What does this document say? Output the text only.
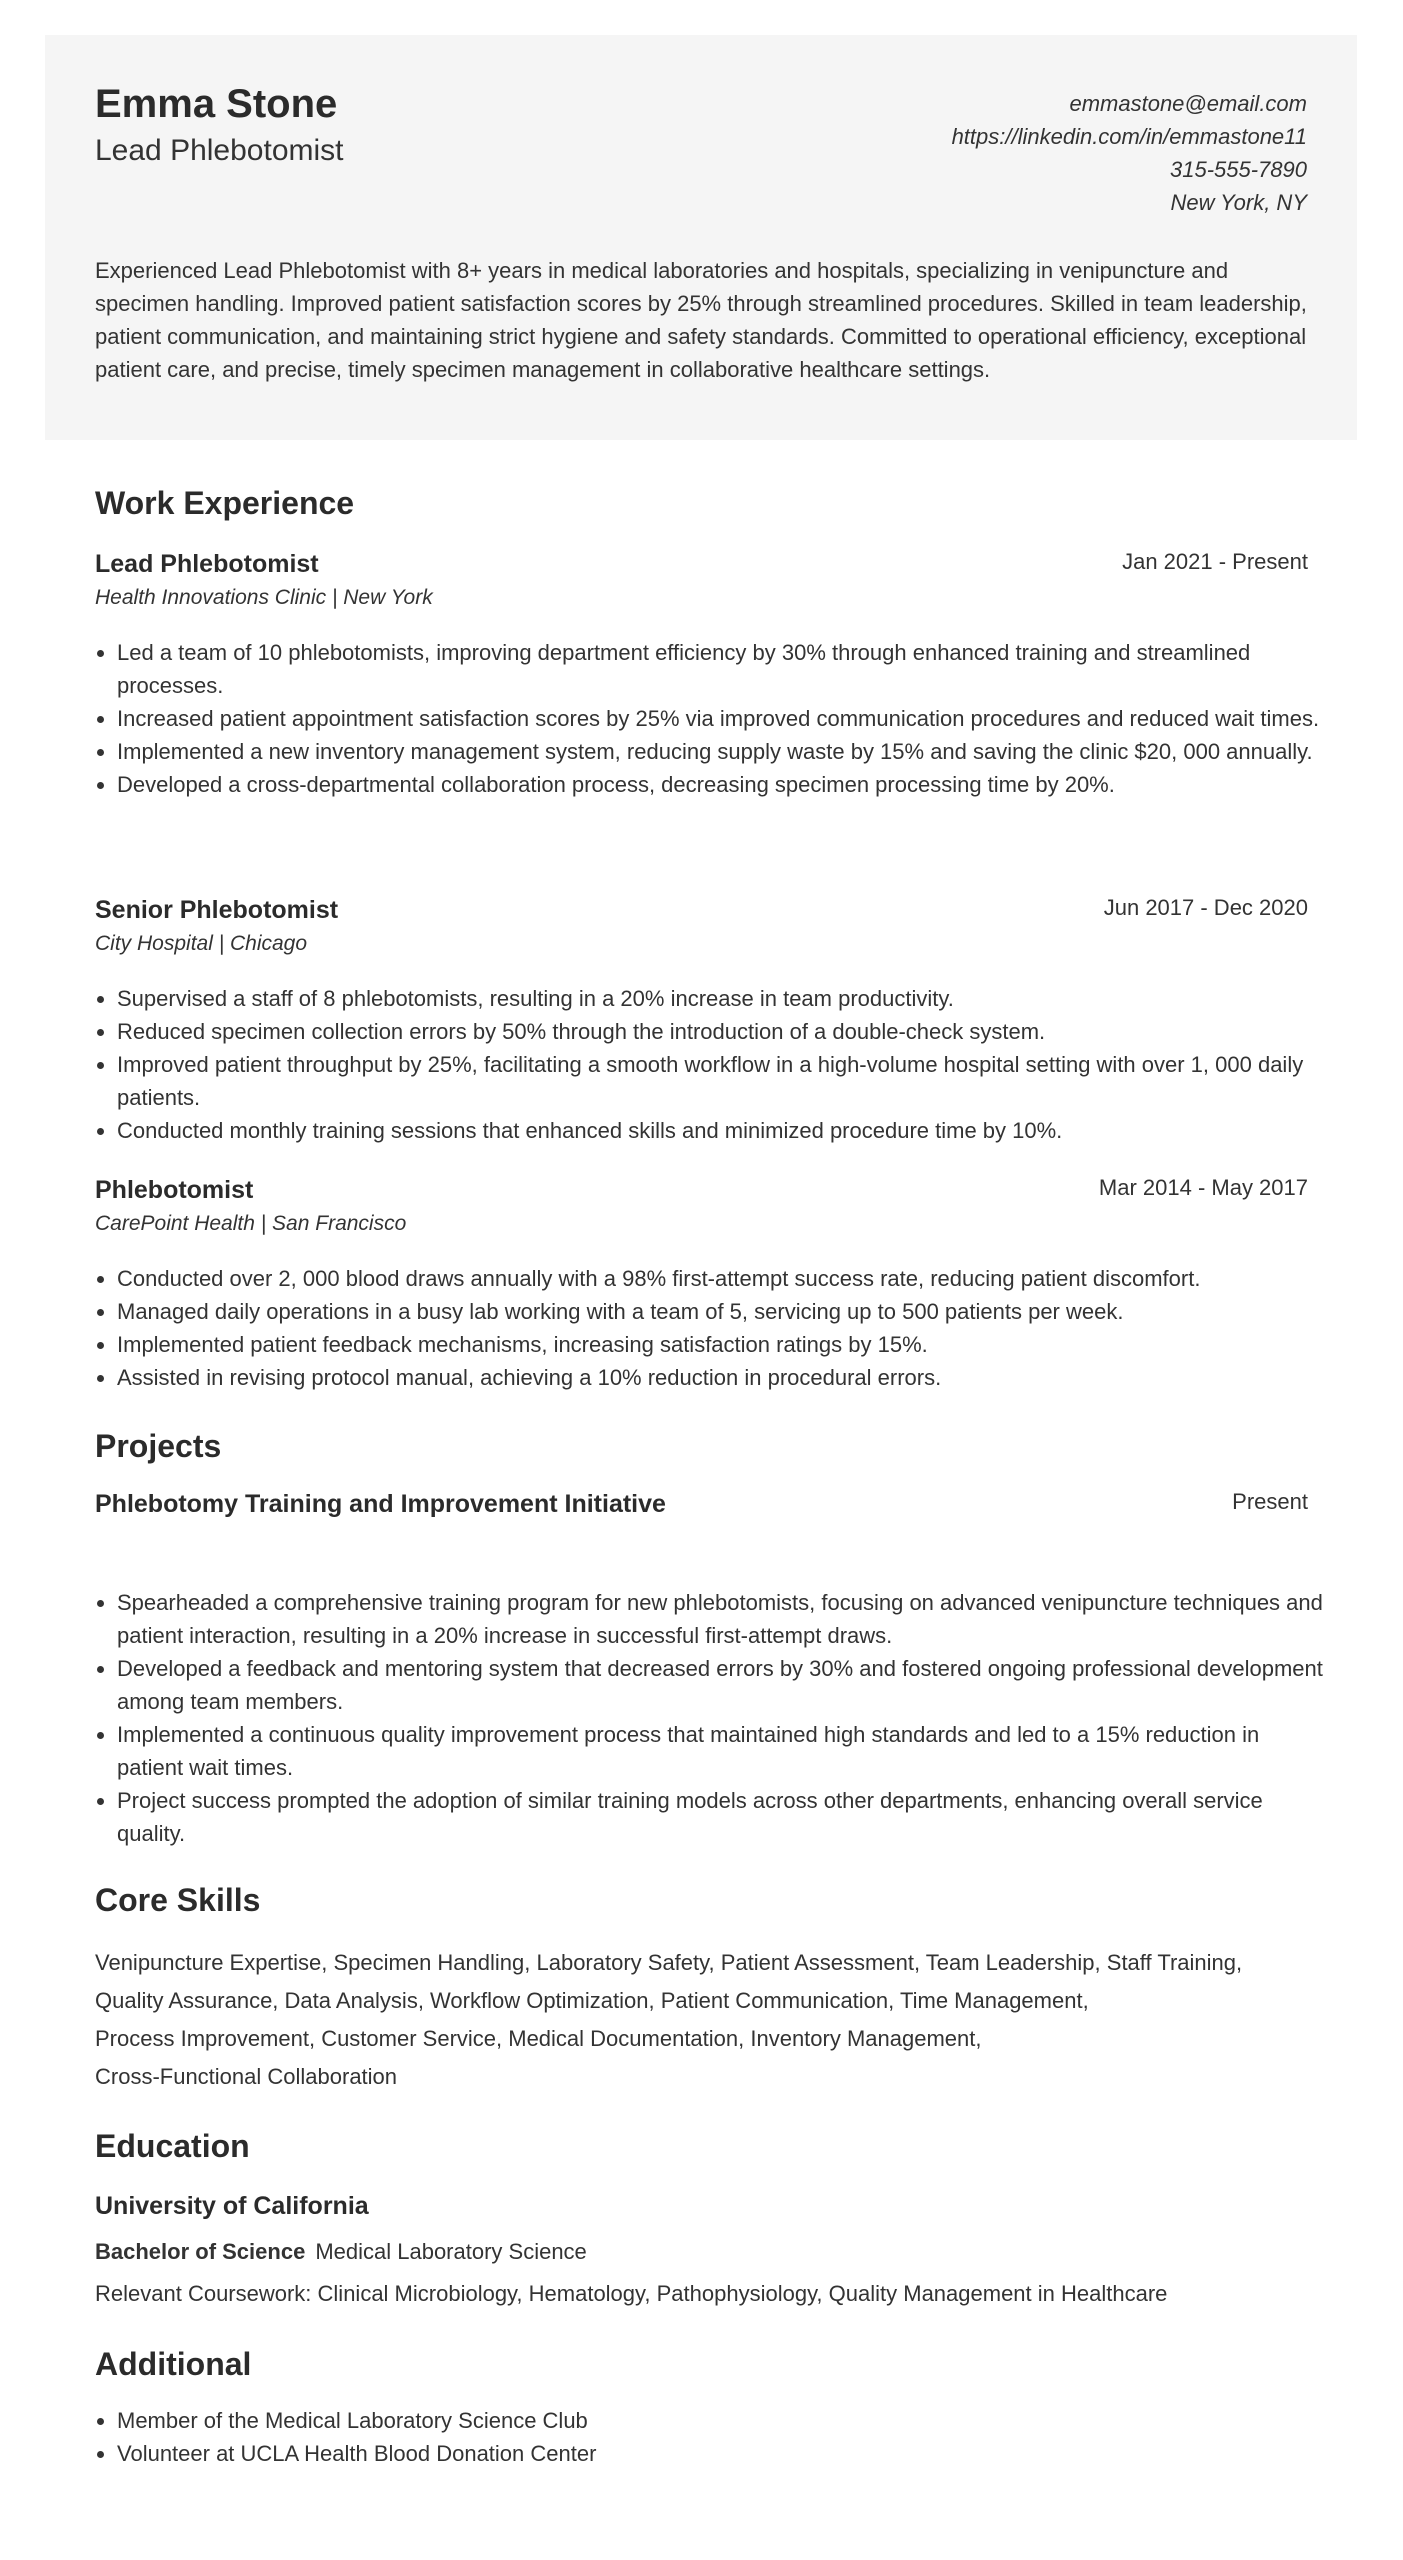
Emma Stone
Lead Phlebotomist
emmastone@email.com
https://linkedin.com/in/emmastone11
315-555-7890
New York, NY

Experienced Lead Phlebotomist with 8+ years in medical laboratories and hospitals, specializing in venipuncture and specimen handling. Improved patient satisfaction scores by 25% through streamlined procedures. Skilled in team leadership, patient communication, and maintaining strict hygiene and safety standards. Committed to operational efficiency, exceptional patient care, and precise, timely specimen management in collaborative healthcare settings.

Work Experience
Lead Phlebotomist	Jan 2021 - Present
Health Innovations Clinic | New York
• Led a team of 10 phlebotomists, improving department efficiency by 30% through enhanced training and streamlined processes.
• Increased patient appointment satisfaction scores by 25% via improved communication procedures and reduced wait times.
• Implemented a new inventory management system, reducing supply waste by 15% and saving the clinic $20, 000 annually.
• Developed a cross-departmental collaboration process, decreasing specimen processing time by 20%.
Senior Phlebotomist	Jun 2017 - Dec 2020
City Hospital | Chicago
• Supervised a staff of 8 phlebotomists, resulting in a 20% increase in team productivity.
• Reduced specimen collection errors by 50% through the introduction of a double-check system.
• Improved patient throughput by 25%, facilitating a smooth workflow in a high-volume hospital setting with over 1, 000 daily patients.
• Conducted monthly training sessions that enhanced skills and minimized procedure time by 10%.
Phlebotomist	Mar 2014 - May 2017
CarePoint Health | San Francisco
• Conducted over 2, 000 blood draws annually with a 98% first-attempt success rate, reducing patient discomfort.
• Managed daily operations in a busy lab working with a team of 5, servicing up to 500 patients per week.
• Implemented patient feedback mechanisms, increasing satisfaction ratings by 15%.
• Assisted in revising protocol manual, achieving a 10% reduction in procedural errors.
Projects
Phlebotomy Training and Improvement Initiative	Present
• Spearheaded a comprehensive training program for new phlebotomists, focusing on advanced venipuncture techniques and patient interaction, resulting in a 20% increase in successful first-attempt draws.
• Developed a feedback and mentoring system that decreased errors by 30% and fostered ongoing professional development among team members.
• Implemented a continuous quality improvement process that maintained high standards and led to a 15% reduction in patient wait times.
• Project success prompted the adoption of similar training models across other departments, enhancing overall service quality.
Core Skills
Venipuncture Expertise, Specimen Handling, Laboratory Safety, Patient Assessment, Team Leadership, Staff Training,
Quality Assurance, Data Analysis, Workflow Optimization, Patient Communication, Time Management,
Process Improvement, Customer Service, Medical Documentation, Inventory Management,
Cross-Functional Collaboration
Education
University of California
Bachelor of Science Medical Laboratory Science
Relevant Coursework: Clinical Microbiology, Hematology, Pathophysiology, Quality Management in Healthcare
Additional
• Member of the Medical Laboratory Science Club
• Volunteer at UCLA Health Blood Donation Center
